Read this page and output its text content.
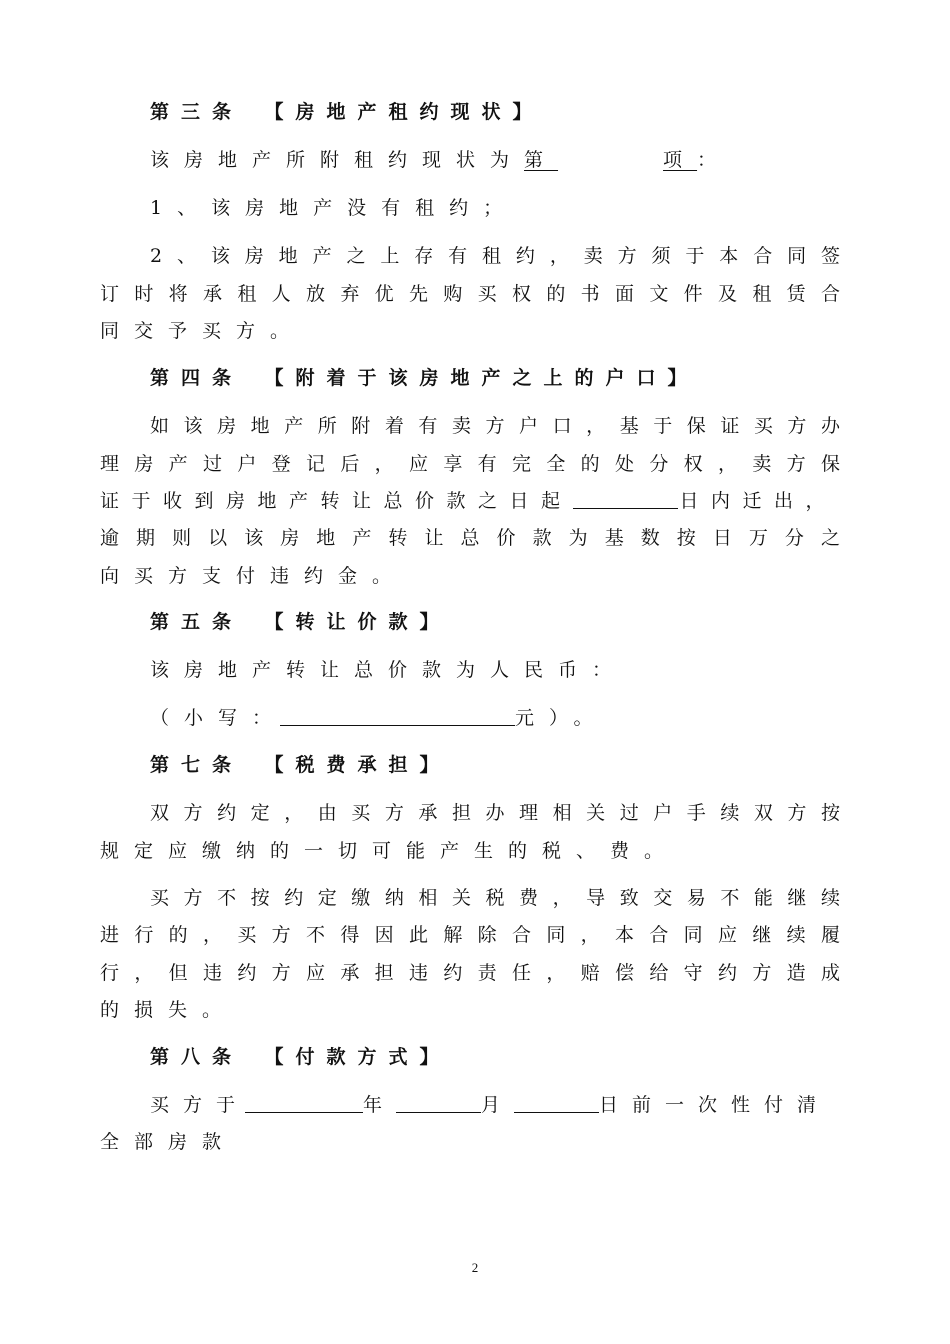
第三条　【房地产租约现状】
该房地产所附租约现状为第	项：
1、该房地产没有租约；
2、该房地产之上存有租约，卖方须于本合同签
订时将承租人放弃优先购买权的书面文件及租赁合
同交予买方。
第四条　【附着于该房地产之上的户口】
如该房地产所附着有卖方户口，基于保证买方办
理房产过户登记后，应享有完全的处分权，卖方保
证于收到房地产转让总价款之日起	日内迁出，
逾期则以该房地产转让总价款为基数按日万分之
向买方支付违约金。
第五条　【转让价款】
该房地产转让总价款为人民币：
（小写：	元）。
第七条　【税费承担】
双方约定，由买方承担办理相关过户手续双方按
规定应缴纳的一切可能产生的税、费。
买方不按约定缴纳相关税费，导致交易不能继续
进行的，买方不得因此解除合同，本合同应继续履
行，但违约方应承担违约责任，赔偿给守约方造成
的损失。
第八条　【付款方式】
买方于	年	月	日前一次性付清
全部房款
2
